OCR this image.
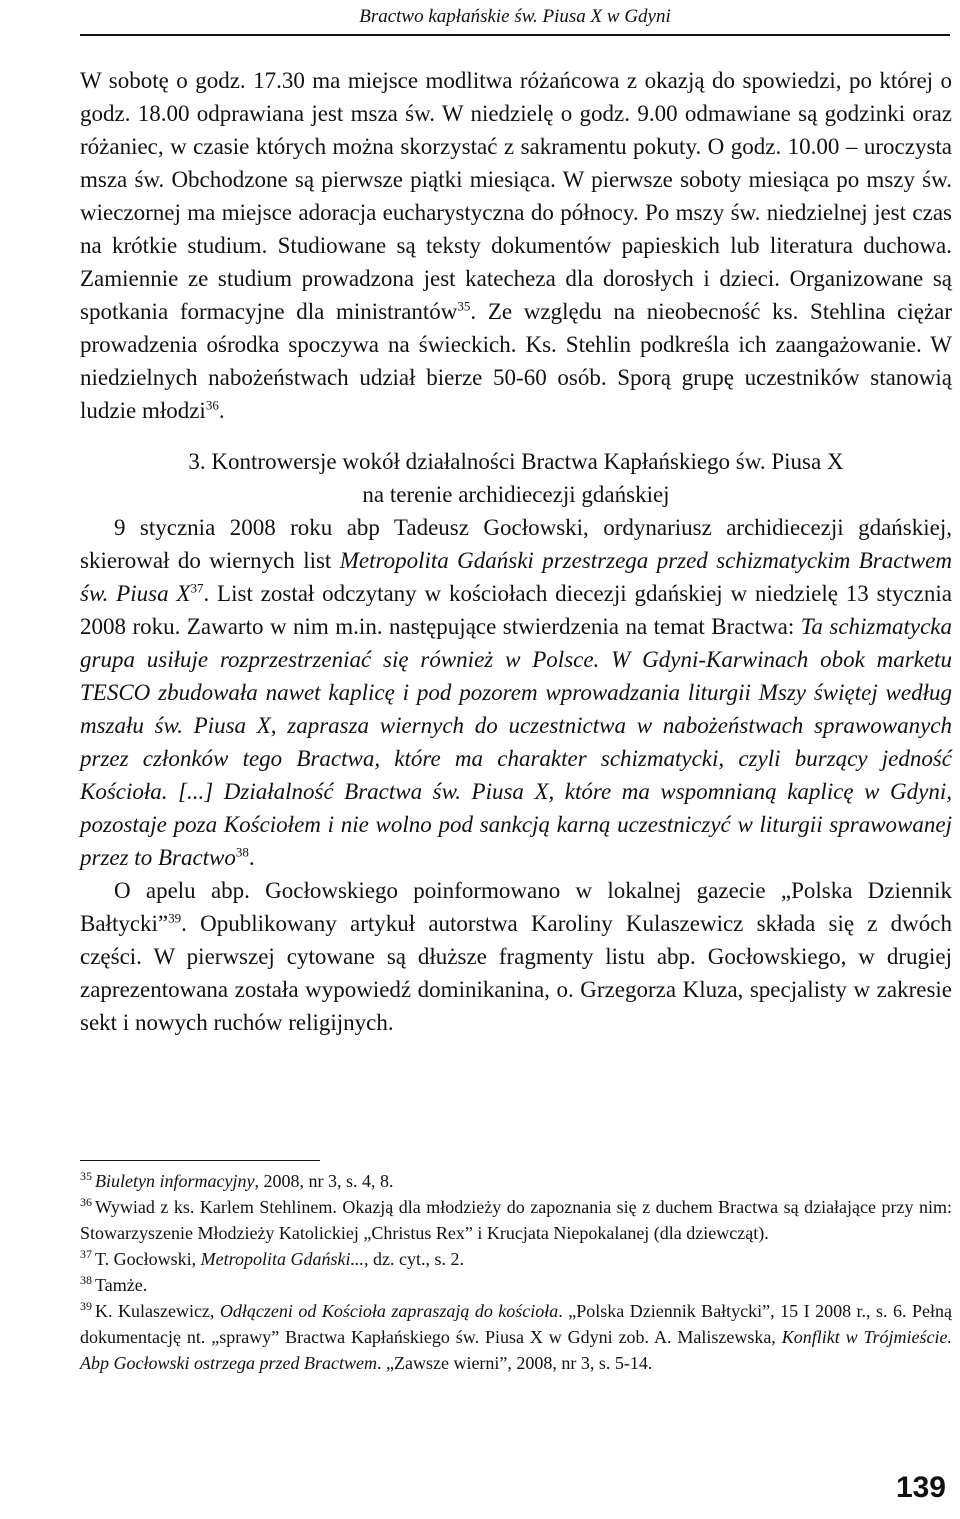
Bractwo kapłańskie św. Piusa X w Gdyni

W sobotę o godz. 17.30 ma miejsce modlitwa różańcowa z okazją do spowiedzi, po której o godz. 18.00 odprawiana jest msza św. W niedzielę o godz. 9.00 odmawiane są godzinki oraz różaniec, w czasie których można skorzystać z sakramentu pokuty. O godz. 10.00 – uroczysta msza św. Obchodzone są pierwsze piątki miesiąca. W pierwsze soboty miesiąca po mszy św. wieczornej ma miejsce adoracja eucharystyczna do północy. Po mszy św. niedzielnej jest czas na krótkie studium. Studiowane są teksty dokumentów papieskich lub literatura duchowa. Zamiennie ze studium prowadzona jest katecheza dla dorosłych i dzieci. Organizowane są spotkania formacyjne dla ministrantów$^{35}$. Ze względu na nieobecność ks. Stehlina ciężar prowadzenia ośrodka spoczywa na świeckich. Ks. Stehlin podkreśla ich zaangażowanie. W niedzielnych nabożeństwach udział bierze 50-60 osób. Sporą grupę uczestników stanowią ludzie młodzi$^{36}$.

3. Kontrowersje wokół działalności Bractwa Kapłańskiego św. Piusa X
na terenie archidiecezji gdańskiej

9 stycznia 2008 roku abp Tadeusz Gocłowski, ordynariusz archidiecezji gdańskiej, skierował do wiernych list Metropolita Gdański przestrzega przed schizmatyckim Bractwem św. Piusa $X^{37}$. List został odczytany w kościołach diecezji gdańskiej w niedzielę 13 stycznia 2008 roku. Zawarto w nim m.in. następujące stwierdzenia na temat Bractwa: Ta schizmatycka grupa usiłuje rozprzestrzeniać się również w Polsce. W Gdyni-Karwinach obok marketu TESCO zbudowała nawet kaplicę i pod pozorem wprowadzania liturgii Mszy świętej według mszału św. Piusa X, zaprasza wiernych do uczestnictwa w nabożeństwach sprawowanych przez członków tego Bractwa, które ma charakter schizmatycki, czyli burzący jedność Kościoła. [...] Działalność Bractwa św. Piusa X, które ma wspomnianą kaplicę w Gdyni, pozostaje poza Kościołem i nie wolno pod sankcją karną uczestniczyć w liturgii sprawowanej przez to Bractwo$^{38}$.

O apelu abp. Gocłowskiego poinformowano w lokalnej gazecie „Polska Dziennik Bałtycki”$^{39}$. Opublikowany artykuł autorstwa Karoliny Kulaszewicz składa się z dwóch części. W pierwszej cytowane są dłuższe fragmenty listu abp. Gocłowskiego, w drugiej zaprezentowana została wypowiedź dominikanina, o. Grzegorza Kluza, specjalisty w zakresie sekt i nowych ruchów religijnych.

$^{35}$ Biuletyn informacyjny, 2008, nr 3, s. 4, 8.

$^{36}$ Wywiad z ks. Karlem Stehlinem. Okazją dla młodzieży do zapoznania się z duchem Bractwa są działające przy nim: Stowarzyszenie Młodzieży Katolickiej „Christus Rex” i Krucjata Niepokalanej (dla dziewcząt).

$^{37}$ T. Gocłowski, Metropolita Gdański..., dz. cyt., s. 2.

$^{38}$ Tamże.

$^{39}$ K. Kulaszewicz, Odłączeni od Kościoła zapraszają do kościoła. „Polska Dziennik Bałtycki”, 15 I 2008 r., s. 6. Pełną dokumentację nt. „sprawy” Bractwa Kapłańskiego św. Piusa X w Gdyni zob. A. Maliszewska, Konflikt w Trójmieście. Abp Gocłowski ostrzega przed Bractwem. „Zawsze wierni”, 2008, nr 3, s. 5-14.

139
